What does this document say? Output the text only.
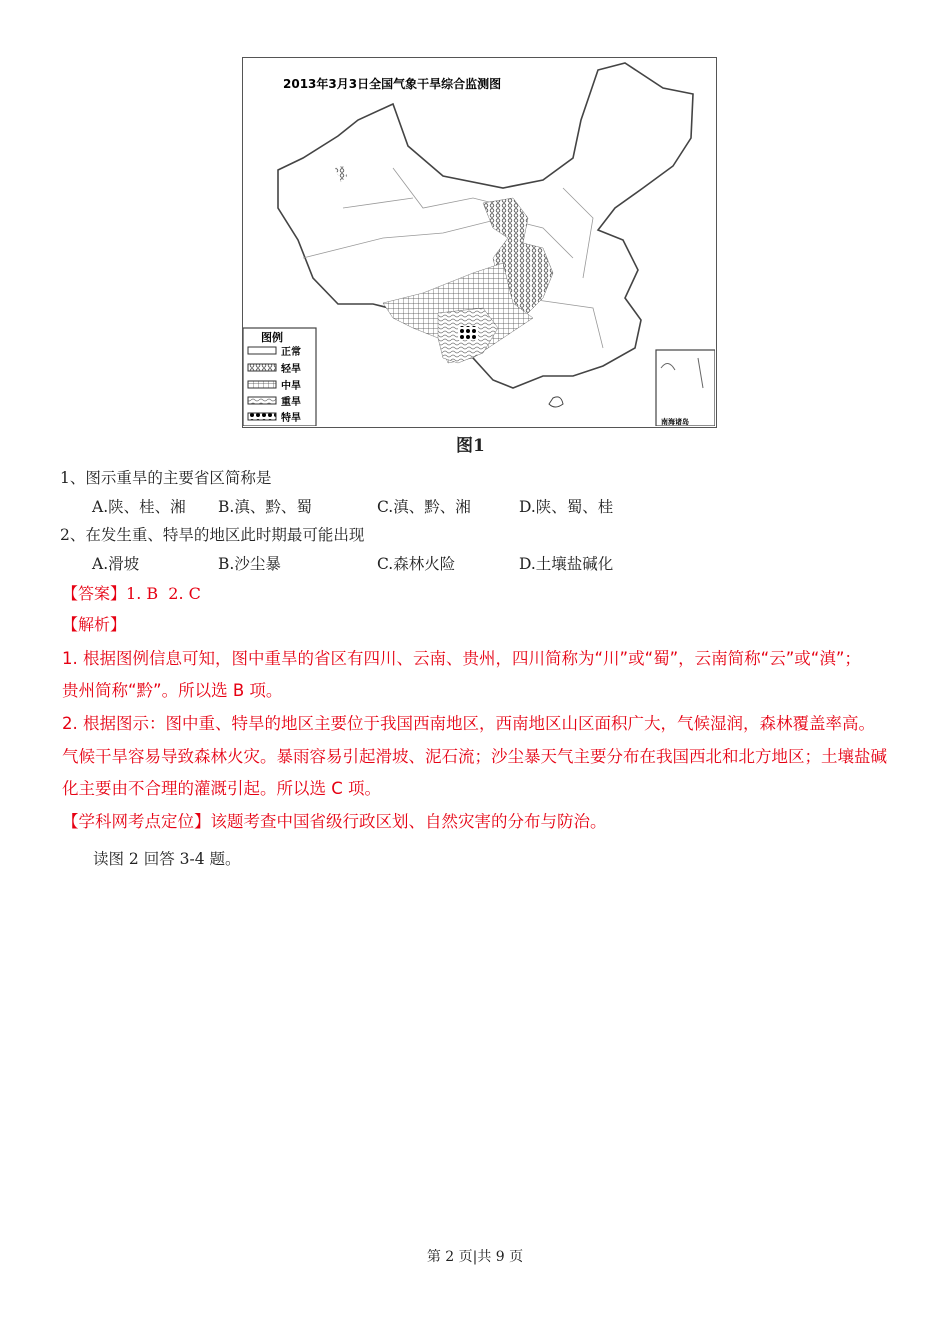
2013年3月3日全国气象干旱综合监测图
图例
正常
轻旱
中旱
重旱
特旱	南海诸岛
图1
1、图示重旱的主要省区简称是
A.陕、桂、湘 B.滇、黔、蜀	C.滇、黔、湘	D.陕、蜀、桂
2、在发生重、特旱的地区此时期最可能出现
A.滑坡	B.沙尘暴	C.森林火险	D.土壤盐碱化
【答案】1. B  2. C
【解析】
1. 根据图例信息可知，图中重旱的省区有四川、云南、贵州，四川简称为“川”或“蜀”，云南简称“云”或“滇”；
贵州简称“黔”。所以选 B 项。
2. 根据图示：图中重、特旱的地区主要位于我国西南地区，西南地区山区面积广大，气候湿润，森林覆盖率高。
气候干旱容易导致森林火灾。暴雨容易引起滑坡、泥石流；沙尘暴天气主要分布在我国西北和北方地区；土壤盐碱
化主要由不合理的灌溉引起。所以选 C 项。
【学科网考点定位】该题考查中国省级行政区划、自然灾害的分布与防治。
读图 2 回答 3-4 题。
第 2 页|共 9 页
